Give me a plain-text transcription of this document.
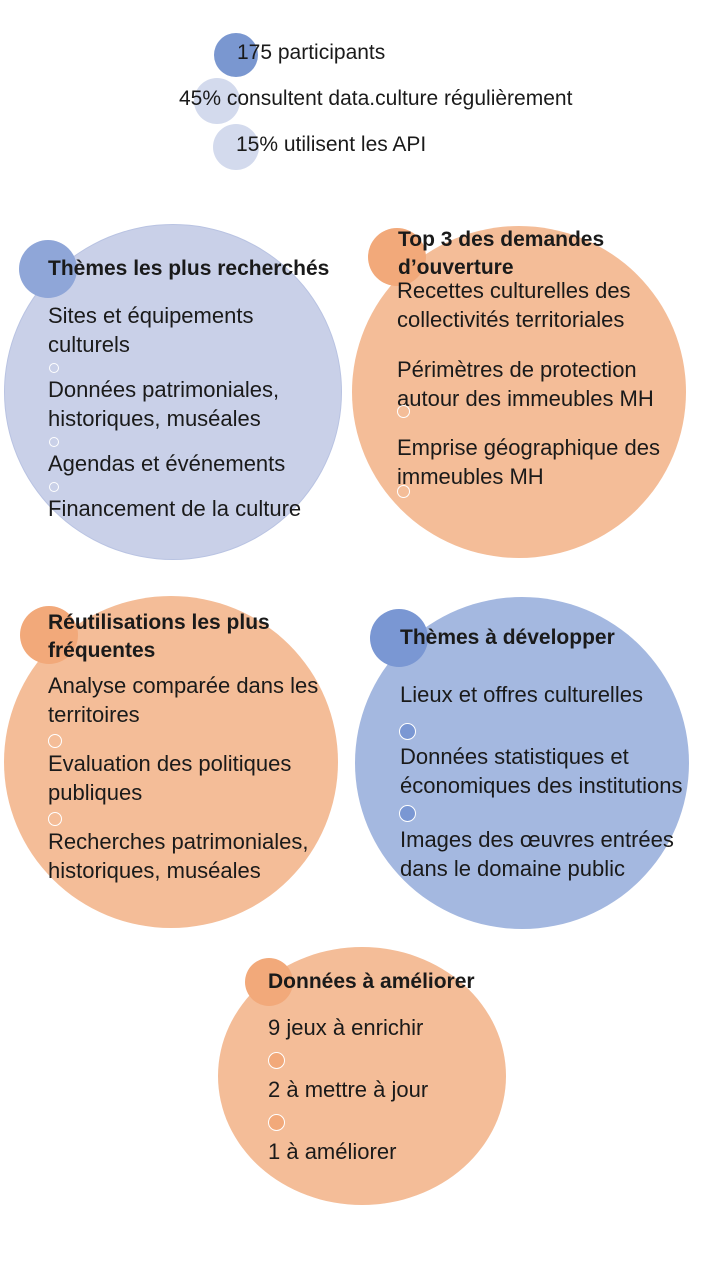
175 participants
45% consultent data.culture régulièrement
15% utilisent les API
Thèmes les plus recherchés
Sites et équipements culturels
Données patrimoniales, historiques, muséales
Agendas et événements
Financement de la culture
Top 3 des demandes d’ouverture
Recettes culturelles des collectivités territoriales
Périmètres de protection autour des immeubles MH
Emprise géographique des immeubles MH
Réutilisations les plus fréquentes
Analyse comparée dans les territoires
Evaluation des politiques publiques
Recherches patrimoniales, historiques, muséales
Thèmes à développer
Lieux et offres culturelles
Données statistiques et économiques des institutions
Images des œuvres entrées dans le domaine public
Données à améliorer
9 jeux à enrichir
2 à mettre à jour
1 à améliorer
